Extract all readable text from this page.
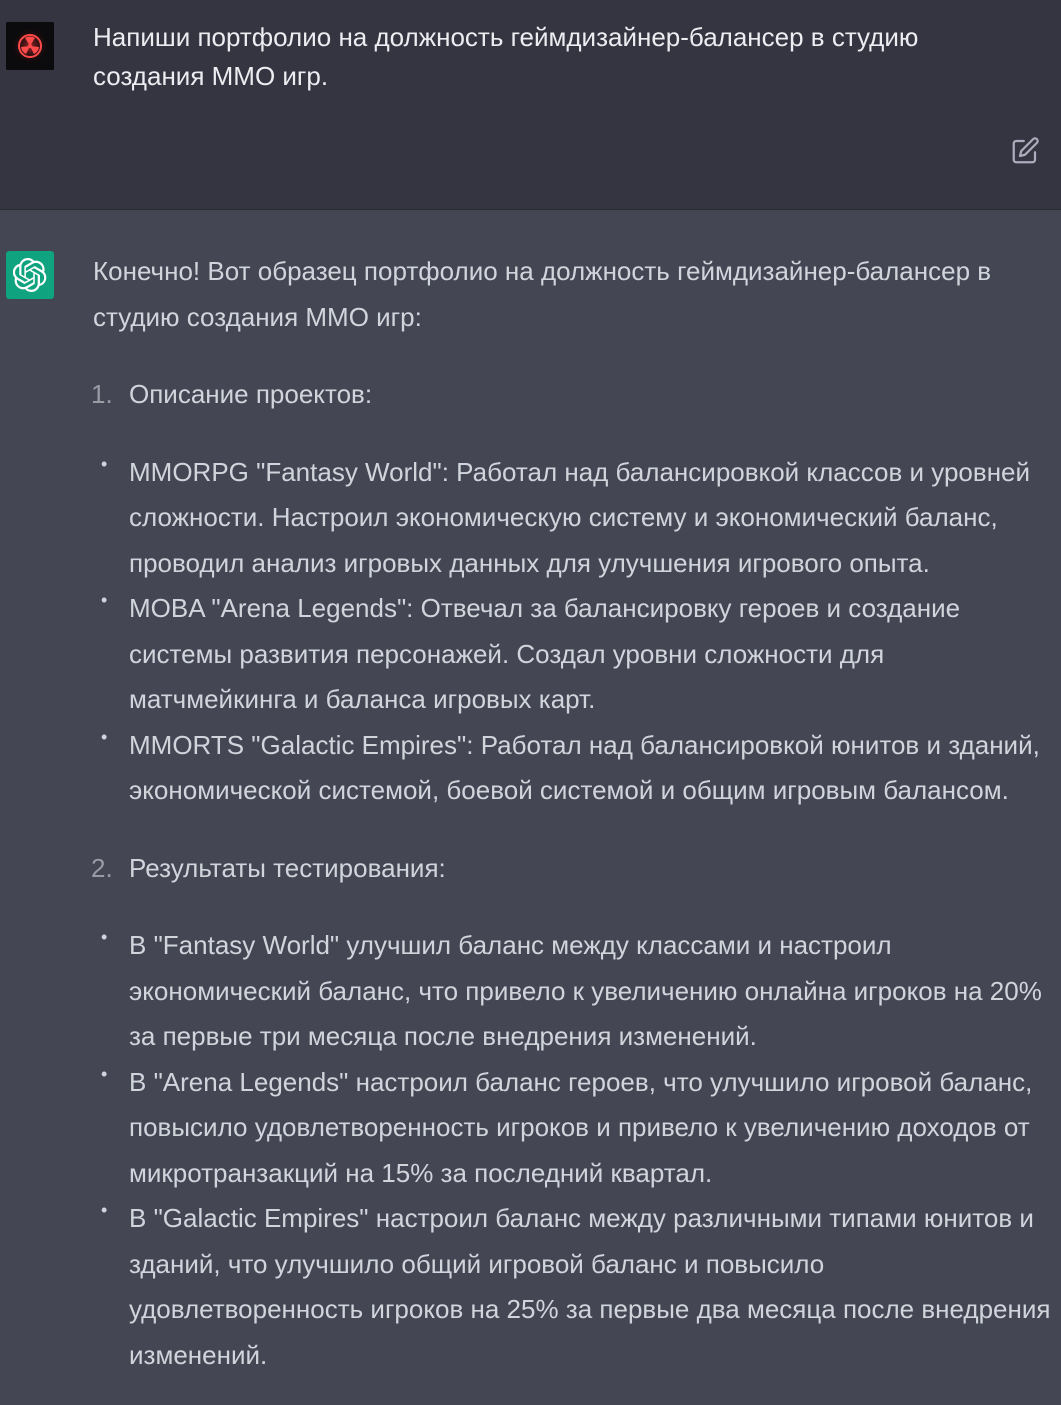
Напиши портфолио на должность геймдизайнер-балансер в студию создания MMO игр.

Конечно! Вот образец портфолио на должность геймдизайнер-балансер в студию создания MMO игр:

1. Описание проектов:
• MMORPG "Fantasy World": Работал над балансировкой классов и уровней сложности. Настроил экономическую систему и экономический баланс, проводил анализ игровых данных для улучшения игрового опыта.
• MOBA "Arena Legends": Отвечал за балансировку героев и создание системы развития персонажей. Создал уровни сложности для матчмейкинга и баланса игровых карт.
• MMORTS "Galactic Empires": Работал над балансировкой юнитов и зданий, экономической системой, боевой системой и общим игровым балансом.
2. Результаты тестирования:
• В "Fantasy World" улучшил баланс между классами и настроил экономический баланс, что привело к увеличению онлайна игроков на 20% за первые три месяца после внедрения изменений.
• В "Arena Legends" настроил баланс героев, что улучшило игровой баланс, повысило удовлетворенность игроков и привело к увеличению доходов от микротранзакций на 15% за последний квартал.
• В "Galactic Empires" настроил баланс между различными типами юнитов и зданий, что улучшило общий игровой баланс и повысило удовлетворенность игроков на 25% за первые два месяца после внедрения изменений.
